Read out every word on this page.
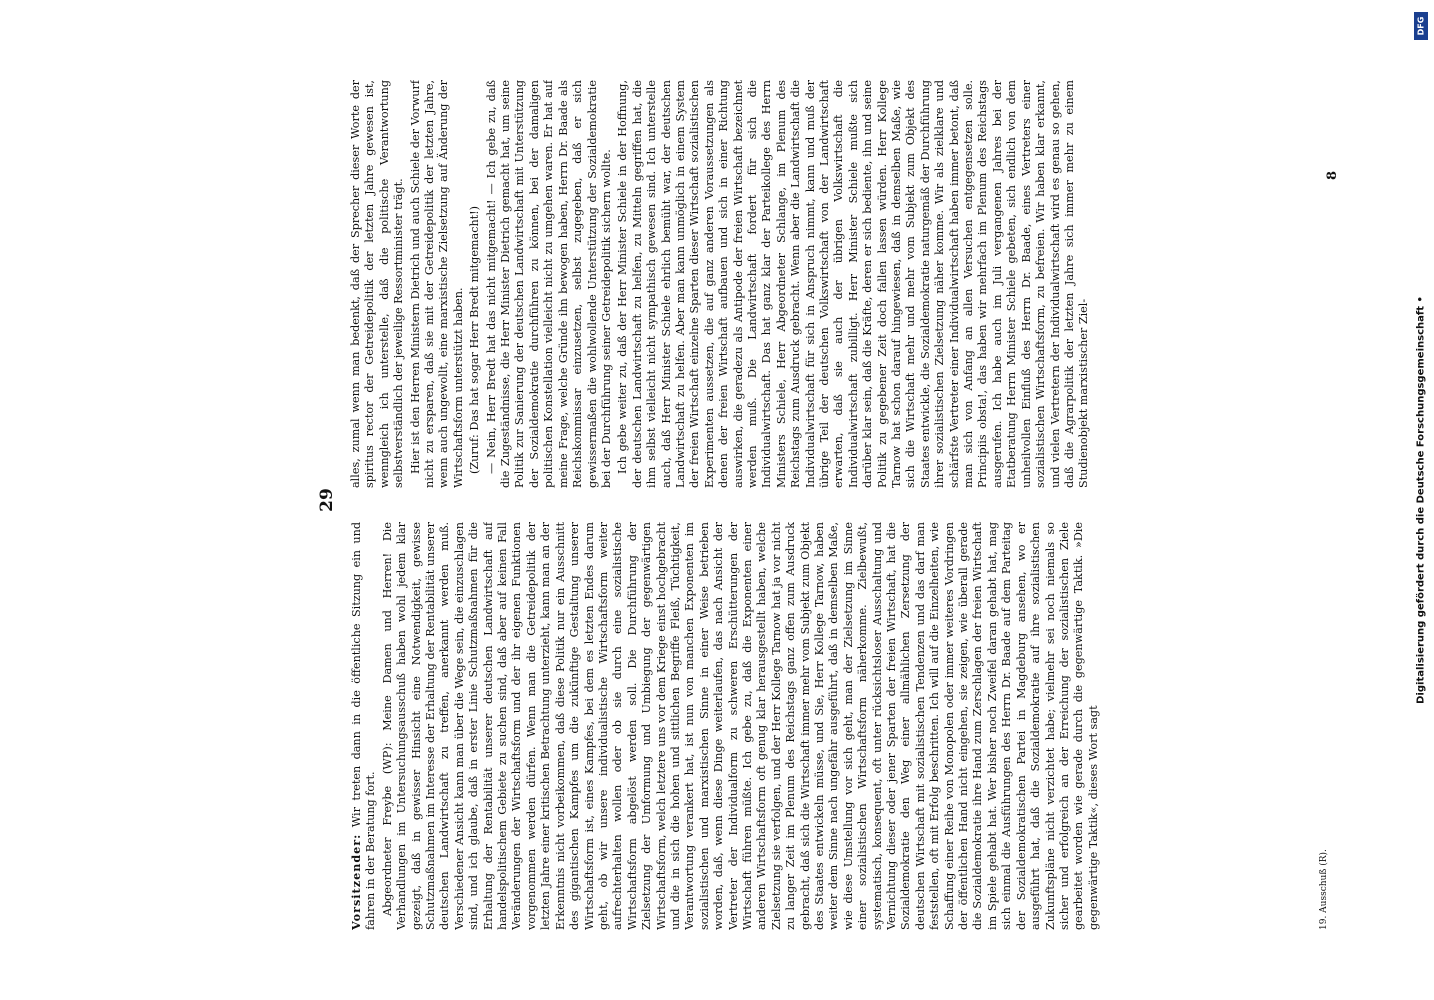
29

Vorsitzender: Wir treten dann in die öffentliche Sitzung ein und fahren in der Beratung fort. Abgeordneter Freybe (WP): Meine Damen und Herren! Die Verhandlungen im Untersuchungsausschuß haben wohl jedem klar gezeigt, daß in gewisser Hinsicht eine Notwendigkeit, gewisse Schutzmaßnahmen im Interesse der Erhaltung der Rentabilität unserer deutschen Landwirtschaft zu treffen, anerkannt werden muß. Verschiedener Ansicht kann man über die Wege sein, die einzuschlagen sind, und ich glaube, daß in erster Linie Schutzmaßnahmen für die Erhaltung der Rentabilität unserer deutschen Landwirtschaft auf handelspolitischem Gebiete zu suchen sind, daß aber auf keinen Fall Veränderungen der Wirtschaftsform und der ihr eigenen Funktionen vorgenommen werden dürfen. Wenn man die Getreidepolitik der letzten Jahre einer kritischen Betrachtung unterzieht, kann man an der Erkenntnis nicht vorbeikommen, daß diese Politik nur ein Ausschnitt des gigantischen Kampfes um die zukünftige Gestaltung unserer Wirtschaftsform ist, eines Kampfes, bei dem es letzten Endes darum geht, ob wir unsere individualistische Wirtschaftsform weiter aufrechterhalten wollen oder ob sie durch eine sozialistische Wirtschaftsform abgelöst werden soll. Die Durchführung der Zielsetzung der Umformung und Umbiegung der gegenwärtigen Wirtschaftsform, welch letztere uns vor dem Kriege einst hochgebracht und die in sich die hohen und sittlichen Begriffe Fleiß, Tüchtigkeit, Verantwortung verankert hat, ist nun von manchen Exponenten im sozialistischen und marxistischen Sinne in einer Weise betrieben worden, daß, wenn diese Dinge weiterlaufen, das nach Ansicht der Vertreter der Individualform zu schweren Erschütterungen der Wirtschaft führen müßte. Ich gebe zu, daß die Exponenten einer anderen Wirtschaftsform oft genug klar herausgestellt haben, welche Zielsetzung sie verfolgen, und der Herr Kollege Tarnow hat ja vor nicht zu langer Zeit im Plenum des Reichstags ganz offen zum Ausdruck gebracht, daß sich die Wirtschaft immer mehr vom Subjekt zum Objekt des Staates entwickeln müsse, und Sie, Herr Kollege Tarnow, haben weiter dem Sinne nach ungefähr ausgeführt, daß in demselben Maße, wie diese Umstellung vor sich geht, man der Zielsetzung im Sinne einer sozialistischen Wirtschaftsform näherkomme. Zielbewußt, systematisch, konsequent, oft unter rücksichtsloser Ausschaltung und Vernichtung dieser oder jener Sparten der freien Wirtschaft, hat die Sozialdemokratie den Weg einer allmählichen Zersetzung der deutschen Wirtschaft mit sozialistischen Tendenzen und das darf man feststellen, oft mit Erfolg beschritten. Ich will auf die Einzelheiten, wie Schaffung einer Reihe von Monopolen oder immer weiteres Vordringen der öffentlichen Hand nicht eingehen, sie zeigen, wie überall gerade die Sozialdemokratie ihre Hand zum Zerschlagen der freien Wirtschaft im Spiele gehabt hat. Wer bisher noch Zweifel daran gehabt hat, mag sich einmal die Ausführungen des Herrn Dr. Baade auf dem Parteitag der Sozialdemokratischen Partei in Magdeburg ansehen, wo er ausgeführt hat, daß die Sozialdemokratie auf ihre sozialistischen Zukunftspläne nicht verzichtet habe; vielmehr sei noch niemals so sicher und erfolgreich an der Erreichung der sozialistischen Ziele gearbeitet worden wie gerade durch die gegenwärtige Taktik. »Die gegenwärtige Taktik«, dieses Wort sagt

alles, zumal wenn man bedenkt, daß der Sprecher dieser Worte der spiritus rector der Getreidepolitik der letzten Jahre gewesen ist, wenngleich ich unterstelle, daß die politische Verantwortung selbstverständlich der jeweilige Ressortminister trägt. Hier ist den Herren Ministern Dietrich und auch Schiele der Vorwurf nicht zu ersparen, daß sie mit der Getreidepolitik der letzten Jahre, wenn auch ungewollt, eine marxistische Zielsetzung auf Änderung der Wirtschaftsform unterstützt haben. (Zuruf: Das hat sogar Herr Bredt mitgemacht!) — Nein, Herr Bredt hat das nicht mitgemacht! — Ich gebe zu, daß die Zugeständnisse, die Herr Minister Dietrich gemacht hat, um seine Politik zur Sanierung der deutschen Landwirtschaft mit Unterstützung der Sozialdemokratie durchführen zu können, bei der damaligen politischen Konstellation vielleicht nicht zu umgehen waren. Er hat auf meine Frage, welche Gründe ihn bewogen haben, Herrn Dr. Baade als Reichskommissar einzusetzen, selbst zugegeben, daß er sich gewissermaßen die wohlwollende Unterstützung der Sozialdemokratie bei der Durchführung seiner Getreidepolitik sichern wollte. Ich gebe weiter zu, daß der Herr Minister Schiele in der Hoffnung, der deutschen Landwirtschaft zu helfen, zu Mitteln gegriffen hat, die ihm selbst vielleicht nicht sympathisch gewesen sind. Ich unterstelle auch, daß Herr Minister Schiele ehrlich bemüht war, der deutschen Landwirtschaft zu helfen. Aber man kann unmöglich in einem System der freien Wirtschaft einzelne Sparten dieser Wirtschaft sozialistischen Experimenten aussetzen, die auf ganz anderen Voraussetzungen als denen der freien Wirtschaft aufbauen und sich in einer Richtung auswirken, die geradezu als Antipode der freien Wirtschaft bezeichnet werden muß. Die Landwirtschaft fordert für sich die Individualwirtschaft. Das hat ganz klar der Parteikollege des Herrn Ministers Schiele, Herr Abgeordneter Schlange, im Plenum des Reichstags zum Ausdruck gebracht. Wenn aber die Landwirtschaft die Individualwirtschaft für sich in Anspruch nimmt, kann und muß der übrige Teil der deutschen Volkswirtschaft von der Landwirtschaft erwarten, daß sie auch der übrigen Volkswirtschaft die Individualwirtschaft zubilligt. Herr Minister Schiele mußte sich darüber klar sein, daß die Kräfte, deren er sich bediente, ihn und seine Politik zu gegebener Zeit doch fallen lassen würden. Herr Kollege Tarnow hat schon darauf hingewiesen, daß in demselben Maße, wie sich die Wirtschaft mehr und mehr vom Subjekt zum Objekt des Staates entwickle, die Sozialdemokratie naturgemäß der Durchführung ihrer sozialistischen Zielsetzung näher komme. Wir als zielklare und schärfste Vertreter einer Individualwirtschaft haben immer betont, daß man sich von Anfang an allen Versuchen entgegensetzen solle. Principiis obsta!, das haben wir mehrfach im Plenum des Reichstags ausgerufen. Ich habe auch im Juli vergangenen Jahres bei der Etatberatung Herrn Minister Schiele gebeten, sich endlich von dem unheilvollen Einfluß des Herrn Dr. Baade, eines Vertreters einer sozialistischen Wirtschaftsform, zu befreien. Wir haben klar erkannt, und vielen Vertretern der Individualwirtschaft wird es genau so gehen, daß die Agrarpolitik der letzten Jahre sich immer mehr zu einem Studienobjekt marxistischer Ziel-

19. Ausschuß (R).
8
DFG
Digitalisierung gefördert durch die Deutsche Forschungsgemeinschaft •
